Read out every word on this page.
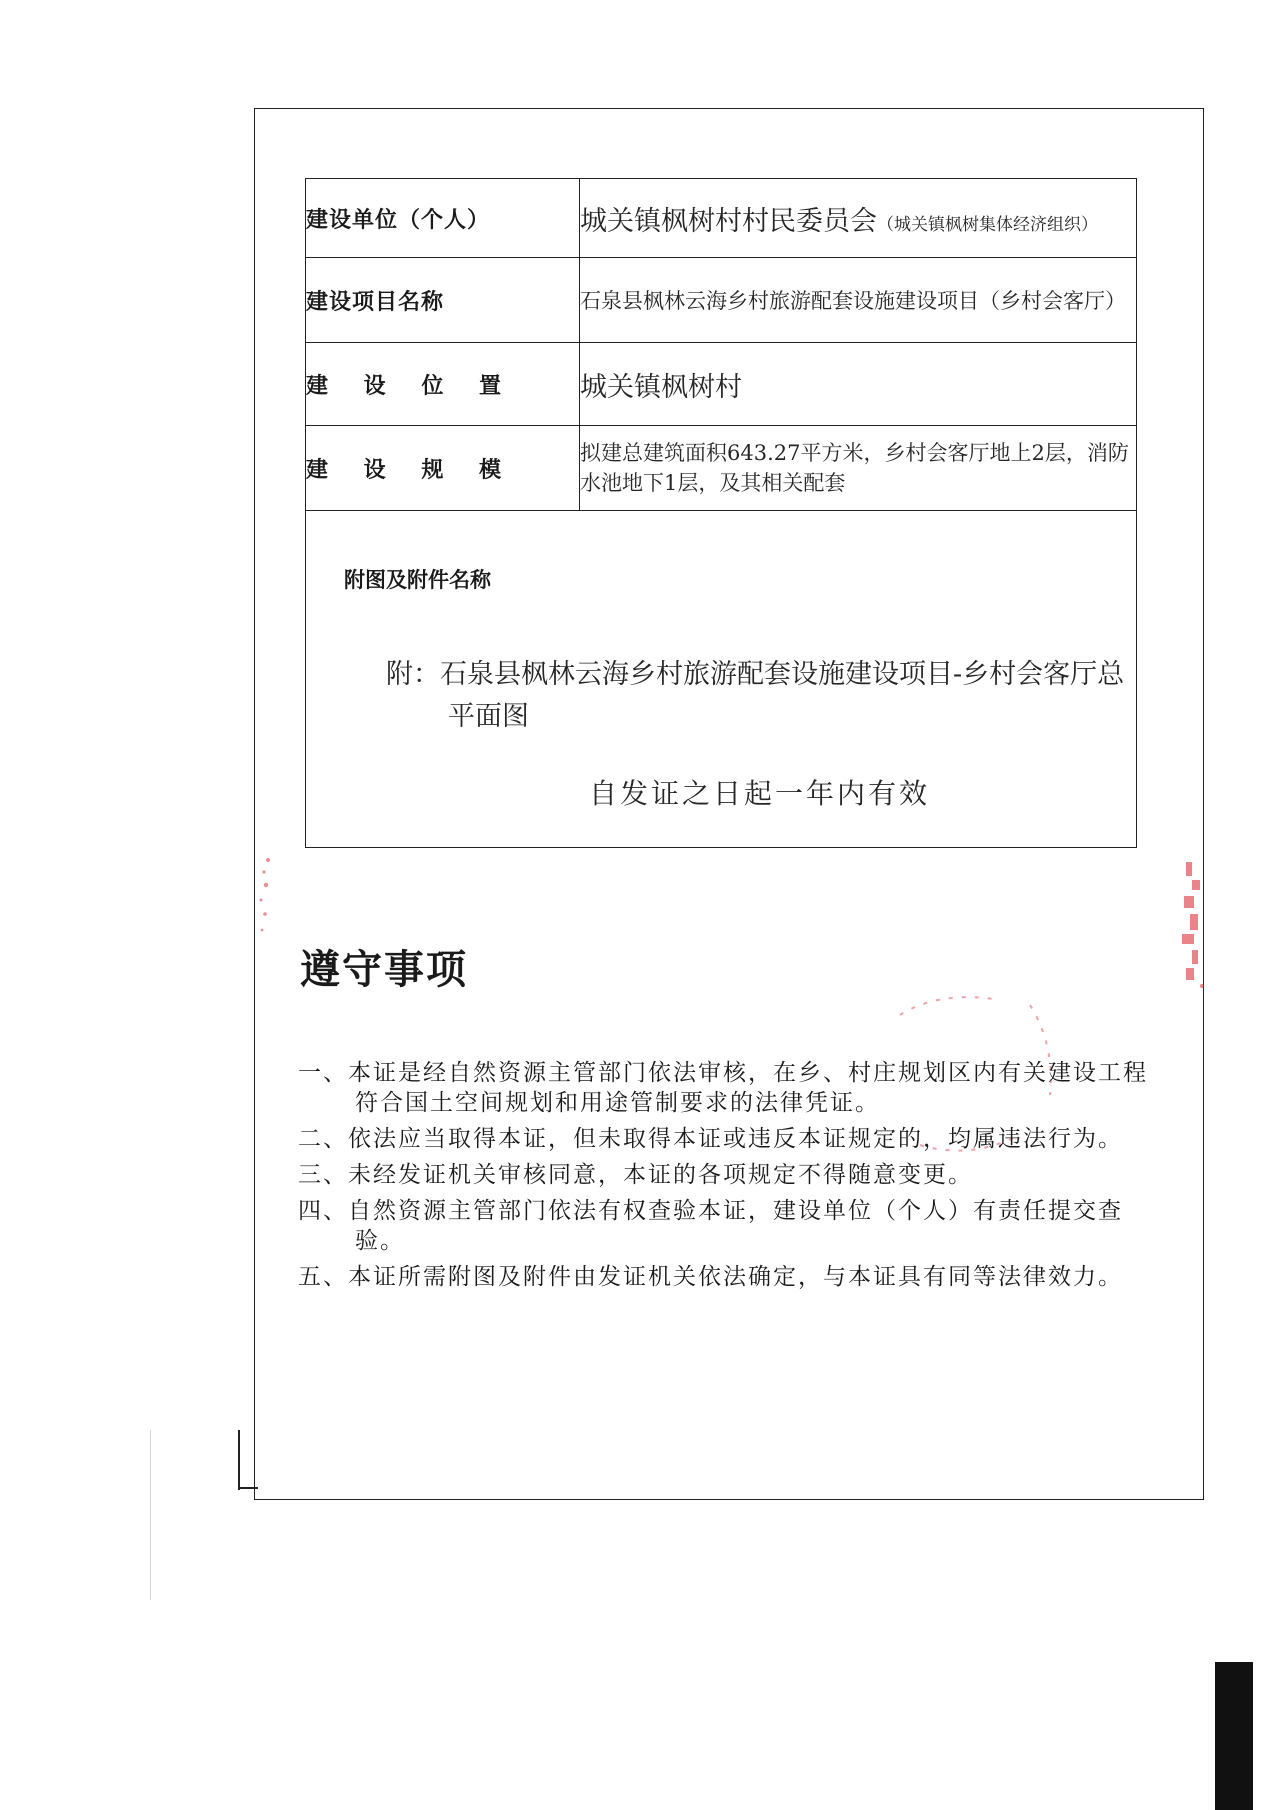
建设单位（个人）	城关镇枫树村村民委员会（城关镇枫树集体经济组织）
建设项目名称	石泉县枫林云海乡村旅游配套设施建设项目（乡村会客厅）
建 设 位 置	城关镇枫树村
建 设 规 模	拟建总建筑面积643.27平方米，乡村会客厅地上2层，消防水池地下1层，及其相关配套

附图及附件名称
附：石泉县枫林云海乡村旅游配套设施建设项目-乡村会客厅总平面图
自发证之日起一年内有效	
遵守事项
一、本证是经自然资源主管部门依法审核，在乡、村庄规划区内有关建设工程符合国土空间规划和用途管制要求的法律凭证。
二、依法应当取得本证，但未取得本证或违反本证规定的，均属违法行为。
三、未经发证机关审核同意，本证的各项规定不得随意变更。
四、自然资源主管部门依法有权查验本证，建设单位（个人）有责任提交查验。
五、本证所需附图及附件由发证机关依法确定，与本证具有同等法律效力。
